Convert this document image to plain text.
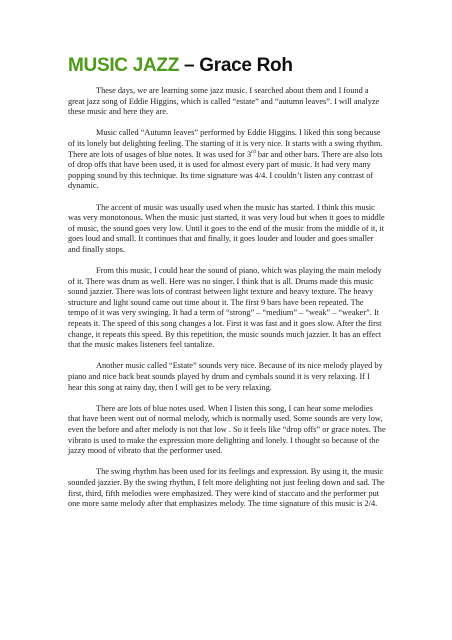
MUSIC JAZZ – Grace Roh

These days, we are learning some jazz music. I searched about them and I found a great jazz song of Eddie Higgins, which is called “estate” and “autumn leaves”. I will analyze these music and here they are.

Music called “Autumn leaves” performed by Eddie Higgins. I liked this song because of its lonely but delighting feeling. The starting of it is very nice. It starts with a swing rhythm. There are lots of usages of blue notes. It was used for 3rd bar and other bars. There are also lots of drop offs that have been used, it is used for almost every part of music. It had very many popping sound by this technique. Its time signature was 4/4. I couldn’t listen any contrast of dynamic.

The accent of music was usually used when the music has started. I think this music was very monotonous. When the music just started, it was very loud but when it goes to middle of music, the sound goes very low. Until it goes to the end of the music from the middle of it, it goes loud and small. It continues that and finally, it goes louder and louder and goes smaller and finally stops.

From this music, I could hear the sound of piano, which was playing the main melody of it. There was drum as well. Here was no singer. I think that is all. Drums made this music sound jazzier. There was lots of contrast between light texture and heavy texture. The heavy structure and light sound came out time about it. The first 9 bars have been repeated. The tempo of it was very swinging. It had a term of “strong” – “medium” – “weak” – “weaker”. It repeats it. The speed of this song changes a lot. First it was fast and it goes slow. After the first change, it repeats this speed. By this repetition, the music sounds much jazzier. It has an effect that the music makes listeners feel tantalize.

Another music called “Estate” sounds very nice. Because of its nice melody played by piano and nice back beat sounds played by drum and cymbals sound it is very relaxing. If I hear this song at rainy day, then I will get to be very relaxing.

There are lots of blue notes used. When I listen this song, I can hear some melodies that have been went out of normal melody, which is normally used. Some sounds are very low, even the before and after melody is not that low . So it feels like “drop offs” or grace notes. The vibrato is used to make the expression more delighting and lonely. I thought so because of the jazzy mood of vibrato that the performer used.

The swing rhythm has been used for its feelings and expression. By using it, the music sounded jazzier. By the swing rhythm, I felt more delighting not just feeling down and sad. The first, third, fifth melodies were emphasized. They were kind of staccato and the performer put one more same melody after that emphasizes melody. The time signature of this music is 2/4.
